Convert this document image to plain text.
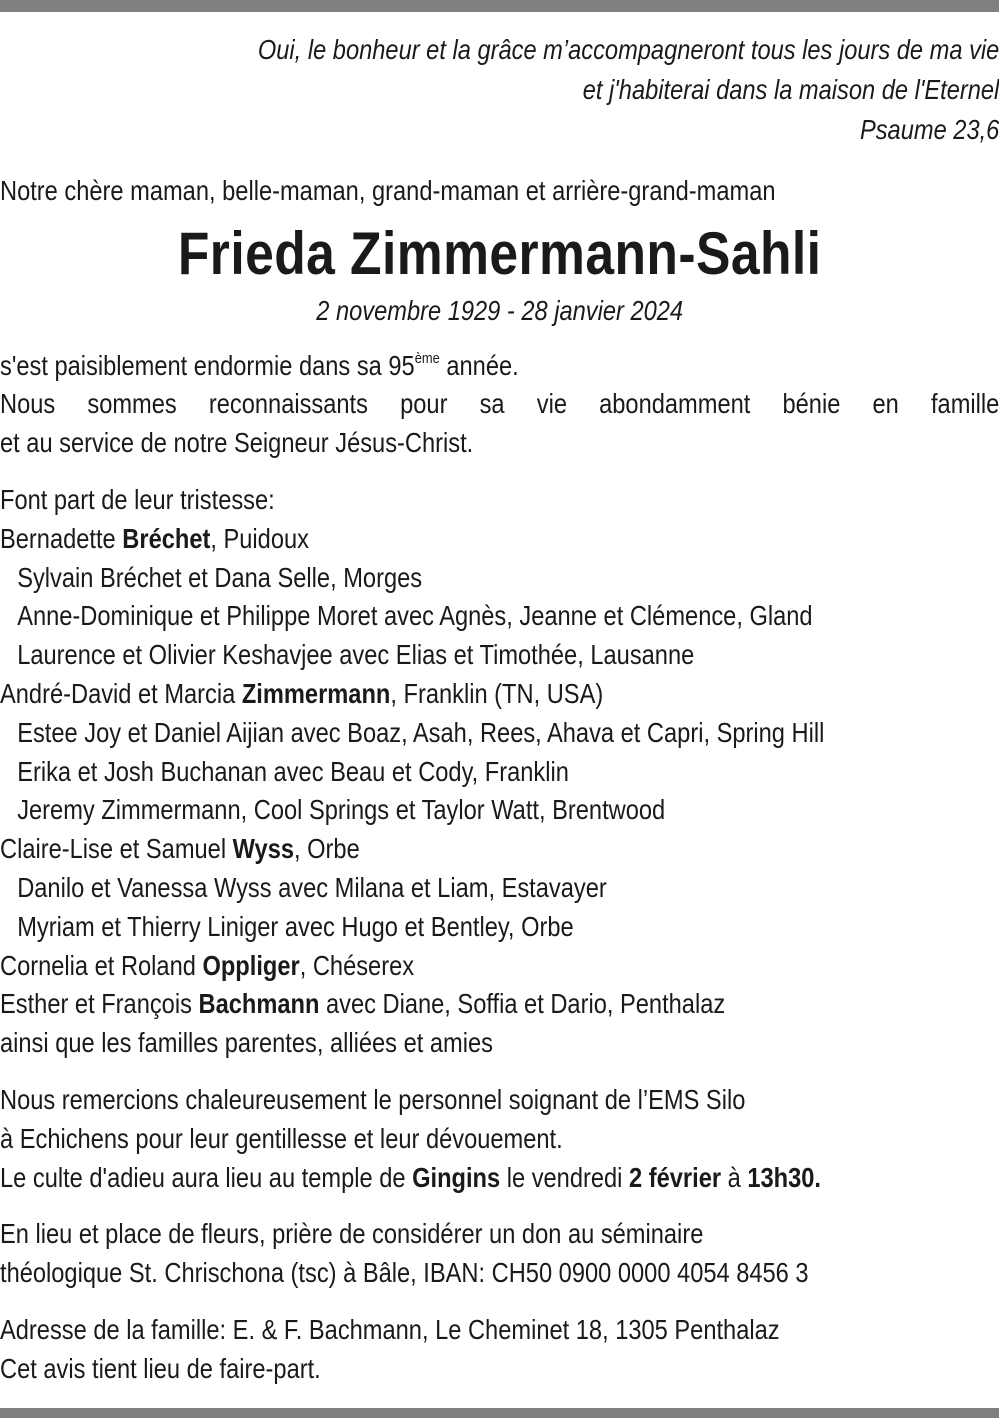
Oui, le bonheur et la grâce m’accompagneront tous les jours de ma vie
et j'habiterai dans la maison de l'Eternel
Psaume 23,6
Notre chère maman, belle-maman, grand-maman et arrière-grand-maman
Frieda Zimmermann-Sahli
2 novembre 1929 - 28 janvier 2024
s'est paisiblement endormie dans sa 95ème année.
Nous sommes reconnaissants pour sa vie abondamment bénie en famille
et au service de notre Seigneur Jésus-Christ.
Font part de leur tristesse:
Bernadette Bréchet, Puidoux
Sylvain Bréchet et Dana Selle, Morges
Anne-Dominique et Philippe Moret avec Agnès, Jeanne et Clémence, Gland
Laurence et Olivier Keshavjee avec Elias et Timothée, Lausanne
André-David et Marcia Zimmermann, Franklin (TN, USA)
Estee Joy et Daniel Aijian avec Boaz, Asah, Rees, Ahava et Capri, Spring Hill
Erika et Josh Buchanan avec Beau et Cody, Franklin
Jeremy Zimmermann, Cool Springs et Taylor Watt, Brentwood
Claire-Lise et Samuel Wyss, Orbe
Danilo et Vanessa Wyss avec Milana et Liam, Estavayer
Myriam et Thierry Liniger avec Hugo et Bentley, Orbe
Cornelia et Roland Oppliger, Chéserex
Esther et François Bachmann avec Diane, Soffia et Dario, Penthalaz
ainsi que les familles parentes, alliées et amies
Nous remercions chaleureusement le personnel soignant de l’EMS Silo
à Echichens pour leur gentillesse et leur dévouement.
Le culte d'adieu aura lieu au temple de Gingins le vendredi 2 février à 13h30.
En lieu et place de fleurs, prière de considérer un don au séminaire
théologique St. Chrischona (tsc) à Bâle, IBAN: CH50 0900 0000 4054 8456 3
Adresse de la famille: E. & F. Bachmann, Le Cheminet 18, 1305 Penthalaz
Cet avis tient lieu de faire-part.
